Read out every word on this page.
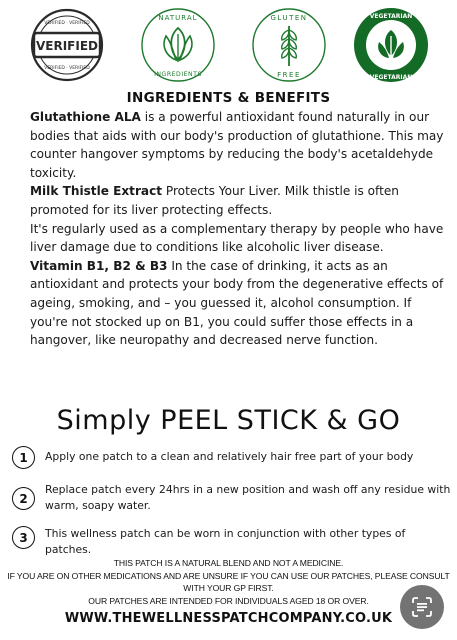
VERIFIED
VERIFIED · VERIFIED
VERIFIED · VERIFIED
NATURAL
INGREDIENTS
GLUTEN
FREE
VEGETARIAN
VEGETARIAN
INGREDIENTS & BENEFITS

Glutathione ALA is a powerful antioxidant found naturally in our bodies that aids with our body's production of glutathione. This may counter hangover symptoms by reducing the body's acetaldehyde toxicity.

Milk Thistle Extract Protects Your Liver. Milk thistle is often promoted for its liver protecting effects.

It's regularly used as a complementary therapy by people who have liver damage due to conditions like alcoholic liver disease.

Vitamin B1, B2 & B3 In the case of drinking, it acts as an antioxidant and protects your body from the degenerative effects of ageing, smoking, and – you guessed it, alcohol consumption. If you're not stocked up on B1, you could suffer those effects in a hangover, like neuropathy and decreased nerve function.

Simply PEEL STICK & GO
1	Apply one patch to a clean and relatively hair free part of your body
2
Replace patch every 24hrs in a new position and wash off any residue with warm, soapy water.
3	This wellness patch can be worn in conjunction with other types of patches.
THIS PATCH IS A NATURAL BLEND AND NOT A MEDICINE.
IF YOU ARE ON OTHER MEDICATIONS AND ARE UNSURE IF YOU CAN USE OUR PATCHES, PLEASE CONSULT WITH YOUR GP FIRST.
OUR PATCHES ARE INTENDED FOR INDIVIDUALS AGED 18 OR OVER.
WWW.THEWELLNESSPATCHCOMPANY.CO.UK
